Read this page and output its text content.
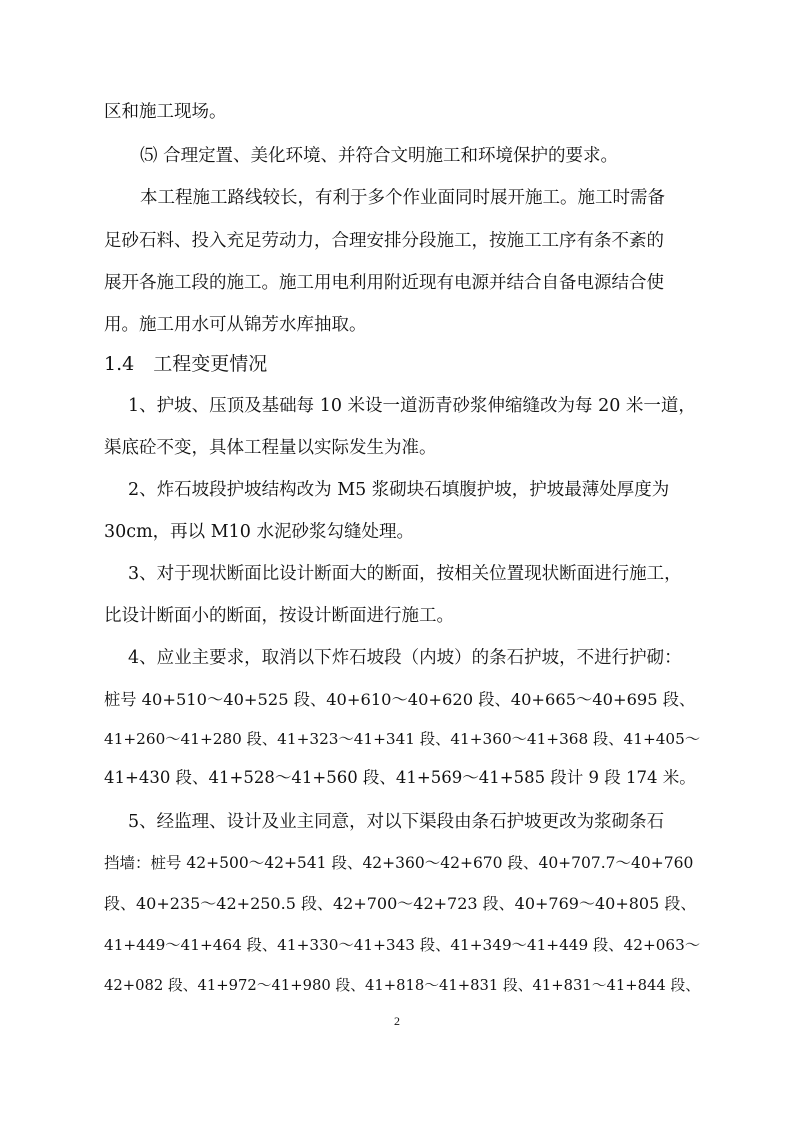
区和施工现场。
⑸ 合理定置、美化环境、并符合文明施工和环境保护的要求。
本工程施工路线较长，有利于多个作业面同时展开施工。施工时需备
足砂石料、投入充足劳动力，合理安排分段施工，按施工工序有条不紊的
展开各施工段的施工。施工用电利用附近现有电源并结合自备电源结合使
用。施工用水可从锦芳水库抽取。
1.4　工程变更情况
1、护坡、压顶及基础每 10 米设一道沥青砂浆伸缩缝改为每 20 米一道，
渠底砼不变，具体工程量以实际发生为准。
2、炸石坡段护坡结构改为 M5 浆砌块石填腹护坡，护坡最薄处厚度为
30cm，再以 M10 水泥砂浆勾缝处理。
3、对于现状断面比设计断面大的断面，按相关位置现状断面进行施工，
比设计断面小的断面，按设计断面进行施工。
4、应业主要求，取消以下炸石坡段（内坡）的条石护坡，不进行护砌：
桩号 40+510～40+525 段、40+610～40+620 段、40+665～40+695 段、
41+260～41+280 段、41+323～41+341 段、41+360～41+368 段、41+405～
41+430 段、41+528～41+560 段、41+569～41+585 段计 9 段 174 米。
5、经监理、设计及业主同意，对以下渠段由条石护坡更改为浆砌条石
挡墙：桩号 42+500～42+541 段、42+360～42+670 段、40+707.7～40+760
段、40+235～42+250.5 段、42+700～42+723 段、40+769～40+805 段、
41+449～41+464 段、41+330～41+343 段、41+349～41+449 段、42+063～
42+082 段、41+972～41+980 段、41+818～41+831 段、41+831～41+844 段、
2
